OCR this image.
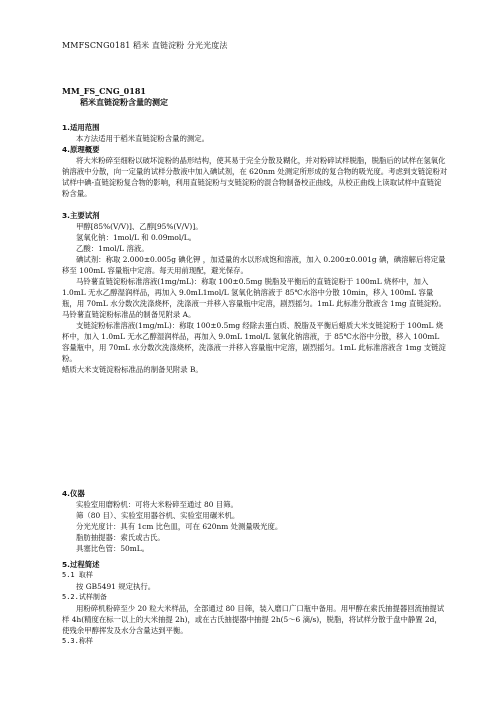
MMFSCNG0181 稻米 直链淀粉 分光光度法
MM_FS_CNG_0181
稻米直链淀粉含量的测定
1.适用范围
本方法适用于稻米直链淀粉含量的测定。
4.原理概要
将大米粉碎至细粉以破坏淀粉的晶形结构，使其易于完全分散及糊化，并对粉碎试样脱脂，脱脂后的试样在氢氧化钠溶液中分散，向一定量的试样分散液中加入碘试剂，在 620nm 处测定所形成的复合物的吸光度。考虑到支链淀粉对试样中碘-直链淀粉复合物的影响，利用直链淀粉与支链淀粉的混合物制备校正曲线，从校正曲线上读取试样中直链淀粉含量。
3.主要试剂
甲醇[85%(V/V)]、乙醇[95%(V/V)]。
氢氧化钠：1mol/L 和 0.09mol/L。
乙酸：1mol/L 溶液。
碘试剂：称取 2.000±0.005g 碘化钾 ，加适量的水以形成饱和溶液，加入 0.200±0.001g 碘，碘溶解后将定量移至 100mL 容量瓶中定溶。每天用前现配，避光保存。
马铃薯直链淀粉标准溶液(1mg/mL)：称取 100±0.5mg 脱脂及平衡后的直链淀粉于 100mL 烧杯中，加入 1.0mL 无水乙醇湿润样品，再加入 9.0mL1mol/L 氢氧化钠溶液于 85℃水浴中分散 10min，移入 100mL 容量瓶，用 70mL 水分数次洗涤烧杯，洗涤液一并移入容量瓶中定溶，剧烈摇匀。1mL 此标准分散液含 1mg 直链淀粉。马铃薯直链淀粉标准品的制备见附录 A。
支链淀粉标准溶液(1mg/mL)：称取 100±0.5mg 经除去蛋白质、脱脂及平衡后蜡质大米支链淀粉于 100mL 烧杯中，加入 1.0mL 无水乙醇湿润样品，再加入 9.0mL 1mol/L 氢氧化钠溶液，于 85℃水浴中分散，移入 100mL 容量瓶中，用 70mL 水分数次洗涤烧杯，洗涤液一并移入容量瓶中定溶，剧烈摇匀。1mL 此标准溶液含 1mg 支链淀粉。
蜡质大米支链淀粉标准品的制备见附录 B。
4.仪器
实验室用磨粉机：可将大米粉碎至通过 80 目筛。
筛（80 目）、实验室用器谷机、实验室用碾米机。
分光光度计：具有 1cm 比色皿，可在 620nm 处测量吸光度。
脂肪抽提器：索氏或古氏。
具塞比色管：50mL。
5.过程简述
5.1 取样
按 GB5491 规定执行。
5.2.试样制备
用粉碎机粉碎至少 20 粒大米样品，全部通过 80 目筛，装入磨口广口瓶中备用。用甲醇在索氏抽提器回流抽提试样 4h(精度在标一以上的大米抽提 2h)，或在古氏抽提器中抽提 2h(5～6 滴/s)，脱脂，将试样分散于盘中静置 2d，使残余甲醇挥发及水分含量达到平衡。
5.3.称样
